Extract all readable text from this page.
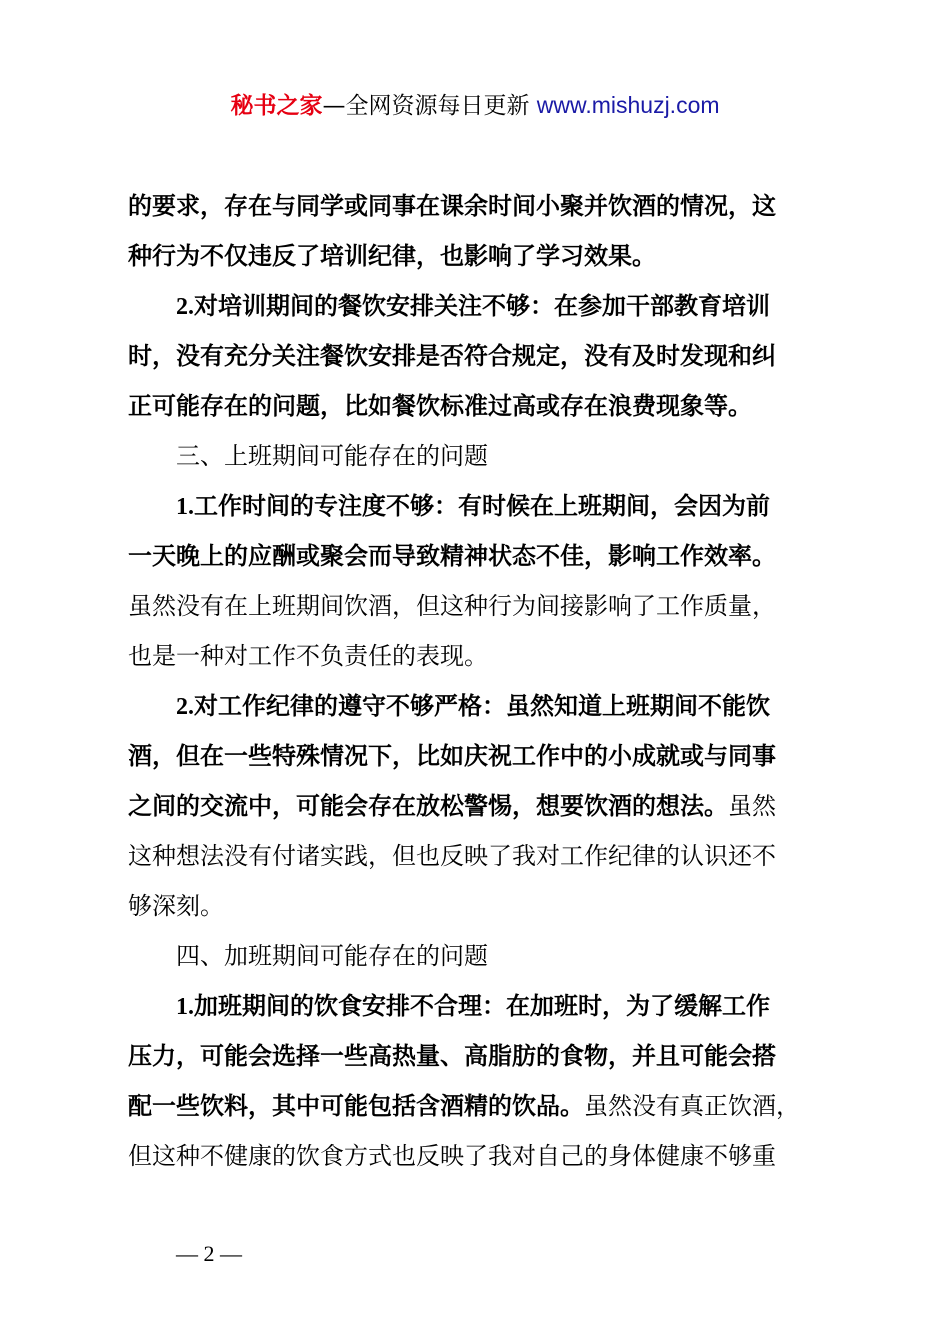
秘书之家—全网资源每日更新 www.mishuzj.com
的要求，存在与同学或同事在课余时间小聚并饮酒的情况，这
种行为不仅违反了培训纪律，也影响了学习效果。
2.对培训期间的餐饮安排关注不够：在参加干部教育培训
时，没有充分关注餐饮安排是否符合规定，没有及时发现和纠
正可能存在的问题，比如餐饮标准过高或存在浪费现象等。
三、上班期间可能存在的问题
1.工作时间的专注度不够：有时候在上班期间，会因为前
一天晚上的应酬或聚会而导致精神状态不佳，影响工作效率。
虽然没有在上班期间饮酒，但这种行为间接影响了工作质量，
也是一种对工作不负责任的表现。
2.对工作纪律的遵守不够严格：虽然知道上班期间不能饮
酒，但在一些特殊情况下，比如庆祝工作中的小成就或与同事
之间的交流中，可能会存在放松警惕，想要饮酒的想法。虽然
这种想法没有付诸实践，但也反映了我对工作纪律的认识还不
够深刻。
四、加班期间可能存在的问题
1.加班期间的饮食安排不合理：在加班时，为了缓解工作
压力，可能会选择一些高热量、高脂肪的食物，并且可能会搭
配一些饮料，其中可能包括含酒精的饮品。虽然没有真正饮酒，
但这种不健康的饮食方式也反映了我对自己的身体健康不够重
— 2 —
